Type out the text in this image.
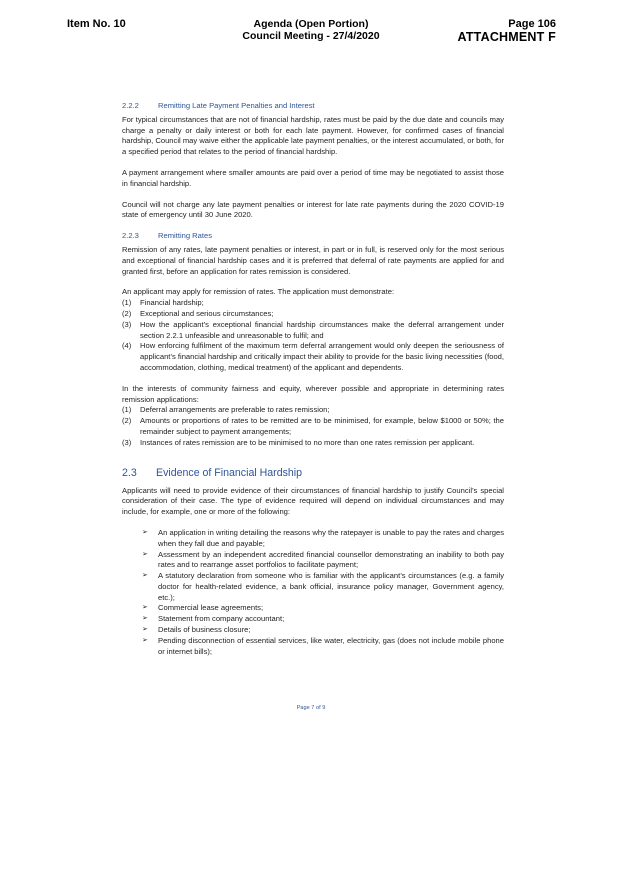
Item No. 10	Agenda (Open Portion)
Council Meeting - 27/4/2020
Page 106
ATTACHMENT F
2.2.2	Remitting Late Payment Penalties and Interest

For typical circumstances that are not of financial hardship, rates must be paid by the due date and councils may charge a penalty or daily interest or both for each late payment. However, for confirmed cases of financial hardship, Council may waive either the applicable late payment penalties, or the interest accumulated, or both, for a specified period that relates to the period of financial hardship.

A payment arrangement where smaller amounts are paid over a period of time may be negotiated to assist those in financial hardship.

Council will not charge any late payment penalties or interest for late rate payments during the 2020 COVID-19 state of emergency until 30 June 2020.

2.2.3	Remitting Rates

Remission of any rates, late payment penalties or interest, in part or in full, is reserved only for the most serious and exceptional of financial hardship cases and it is preferred that deferral of rate payments are applied for and granted first, before an application for rates remission is considered.

An applicant may apply for remission of rates. The application must demonstrate:

(1) Financial hardship;
(2) Exceptional and serious circumstances;
(3) How the applicant’s exceptional financial hardship circumstances make the deferral arrangement under section 2.2.1 unfeasible and unreasonable to fulfil; and
(4) How enforcing fulfilment of the maximum term deferral arrangement would only deepen the seriousness of applicant’s financial hardship and critically impact their ability to provide for the basic living necessities (food, accommodation, clothing, medical treatment) of the applicant and dependents.

In the interests of community fairness and equity, wherever possible and appropriate in determining rates remission applications:

(1) Deferral arrangements are preferable to rates remission;
(2) Amounts or proportions of rates to be remitted are to be minimised, for example, below $1000 or 50%; the remainder subject to payment arrangements;
(3) Instances of rates remission are to be minimised to no more than one rates remission per applicant.
2.3 Evidence of Financial Hardship

Applicants will need to provide evidence of their circumstances of financial hardship to justify Council’s special consideration of their case. The type of evidence required will depend on individual circumstances and may include, for example, one or more of the following:

➢ An application in writing detailing the reasons why the ratepayer is unable to pay the rates and charges when they fall due and payable;
➢ Assessment by an independent accredited financial counsellor demonstrating an inability to both pay rates and to rearrange asset portfolios to facilitate payment;
➢ A statutory declaration from someone who is familiar with the applicant’s circumstances (e.g. a family doctor for health-related evidence, a bank official, insurance policy manager, Government agency, etc.);
➢ Commercial lease agreements;
➢ Statement from company accountant;
➢ Details of business closure;
➢ Pending disconnection of essential services, like water, electricity, gas (does not include mobile phone or internet bills);
Page 7 of 9
